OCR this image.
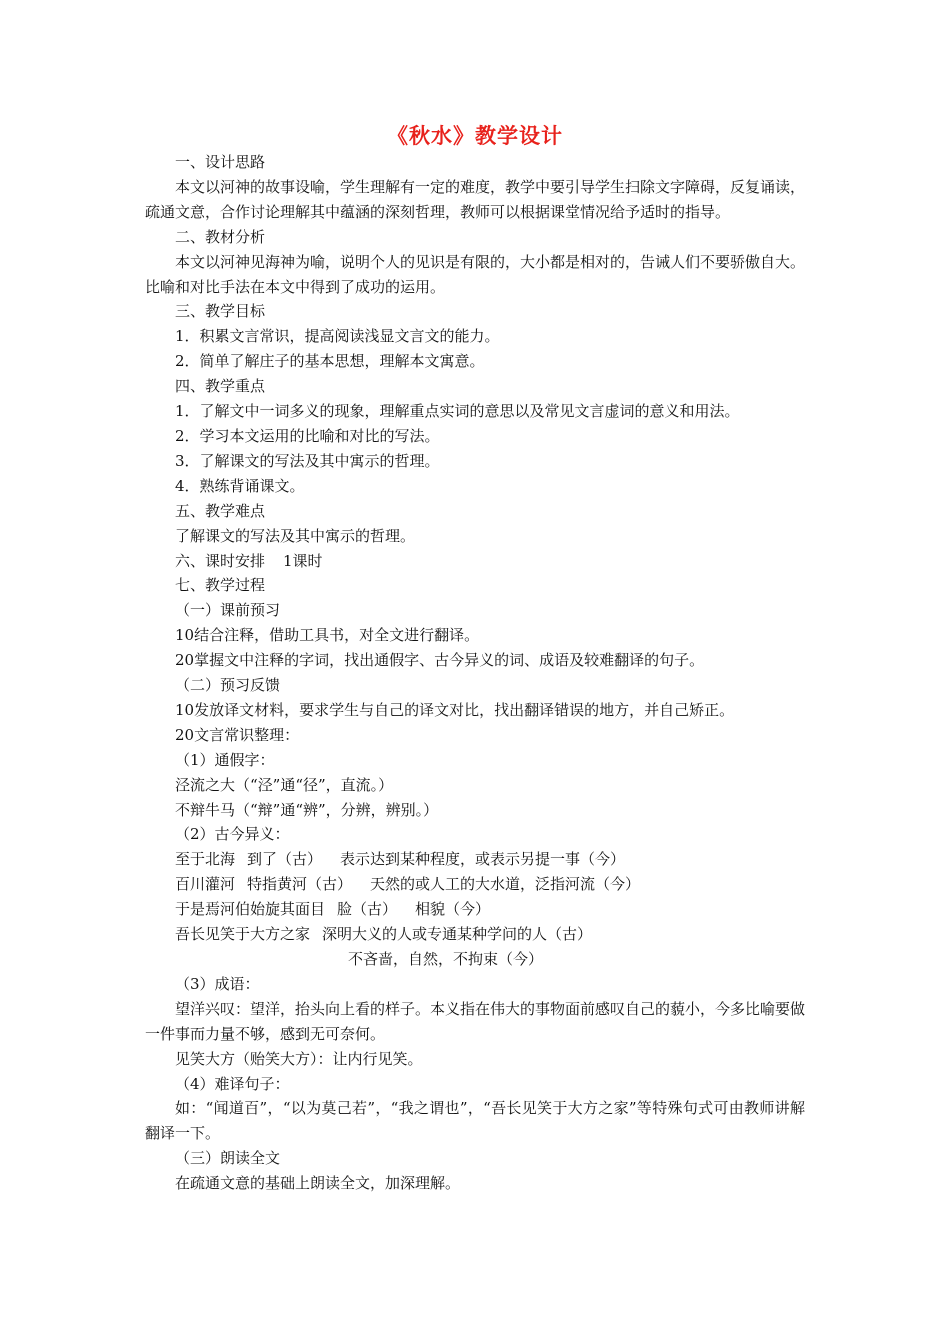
《秋水》教学设计

一、设计思路

本文以河神的故事设喻，学生理解有一定的难度，教学中要引导学生扫除文字障碍，反复诵读，疏通文意，合作讨论理解其中蕴涵的深刻哲理，教师可以根据课堂情况给予适时的指导。

二、教材分析

本文以河神见海神为喻，说明个人的见识是有限的，大小都是相对的，告诫人们不要骄傲自大。比喻和对比手法在本文中得到了成功的运用。

三、教学目标

1．积累文言常识，提高阅读浅显文言文的能力。

2．简单了解庄子的基本思想，理解本文寓意。

四、教学重点

1．了解文中一词多义的现象，理解重点实词的意思以及常见文言虚词的意义和用法。

2．学习本文运用的比喻和对比的写法。

3．了解课文的写法及其中寓示的哲理。

4．熟练背诵课文。

五、教学难点

了解课文的写法及其中寓示的哲理。

六、课时安排 1课时

七、教学过程

（一）课前预习

10结合注释，借助工具书，对全文进行翻译。

20掌握文中注释的字词，找出通假字、古今异义的词、成语及较难翻译的句子。

（二）预习反馈

10发放译文材料，要求学生与自己的译文对比，找出翻译错误的地方，并自己矫正。

20文言常识整理：

（1）通假字：

泾流之大（“泾”通“径”，直流。）

不辩牛马（“辩”通“辨”，分辨，辨别。）

（2）古今异义：

至于北海 到了（古） 表示达到某种程度，或表示另提一事（今）

百川灌河 特指黄河（古） 天然的或人工的大水道，泛指河流（今）

于是焉河伯始旋其面目 脸（古） 相貌（今）

吾长见笑于大方之家 深明大义的人或专通某种学问的人（古）

不吝啬，自然，不拘束（今）

（3）成语：

望洋兴叹：望洋，抬头向上看的样子。本义指在伟大的事物面前感叹自己的藐小，今多比喻要做一件事而力量不够，感到无可奈何。

见笑大方（贻笑大方）：让内行见笑。

（4）难译句子：

如：“闻道百”，“以为莫己若”，“我之谓也”，“吾长见笑于大方之家”等特殊句式可由教师讲解翻译一下。

（三）朗读全文

在疏通文意的基础上朗读全文，加深理解。
